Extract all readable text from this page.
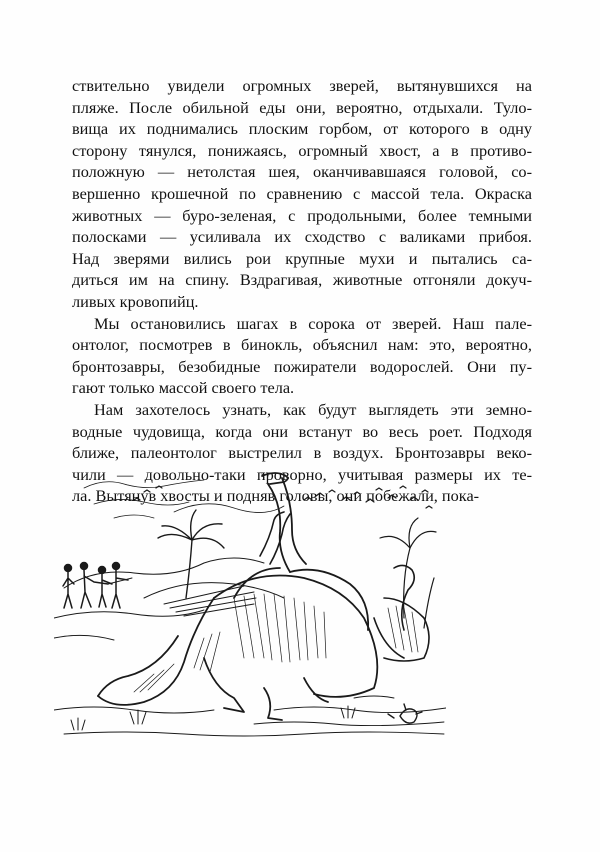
ствительно увидели огромных зверей, вытянувшихся на
пляже. После обильной еды они, вероятно, отдыхали. Туло-
вища их поднимались плоским горбом, от которого в одну
сторону тянулся, понижаясь, огромный хвост, а в противо-
положную — нетолстая шея, оканчивавшаяся головой, со-
вершенно крошечной по сравнению с массой тела. Окраска
животных — буро-зеленая, с продольными, более темными
полосками — усиливала их сходство с валиками прибоя.
Над зверями вились рои крупные мухи и пытались са-
диться им на спину. Вздрагивая, животные отгоняли докуч-
ливых кровопийц.
Мы остановились шагах в сорока от зверей. Наш пале-
онтолог, посмотрев в бинокль, объяснил нам: это, вероятно,
бронтозавры, безобидные пожиратели водорослей. Они пу-
гают только массой своего тела.
Нам захотелось узнать, как будут выглядеть эти земно-
водные чудовища, когда они встанут во весь роет. Подходя
ближе, палеонтолог выстрелил в воздух. Бронтозавры веко-
чили — довольно-таки проворно, учитывая размеры их те-
ла. Вытянув хвосты и подняв головы, они побежали, пока-
